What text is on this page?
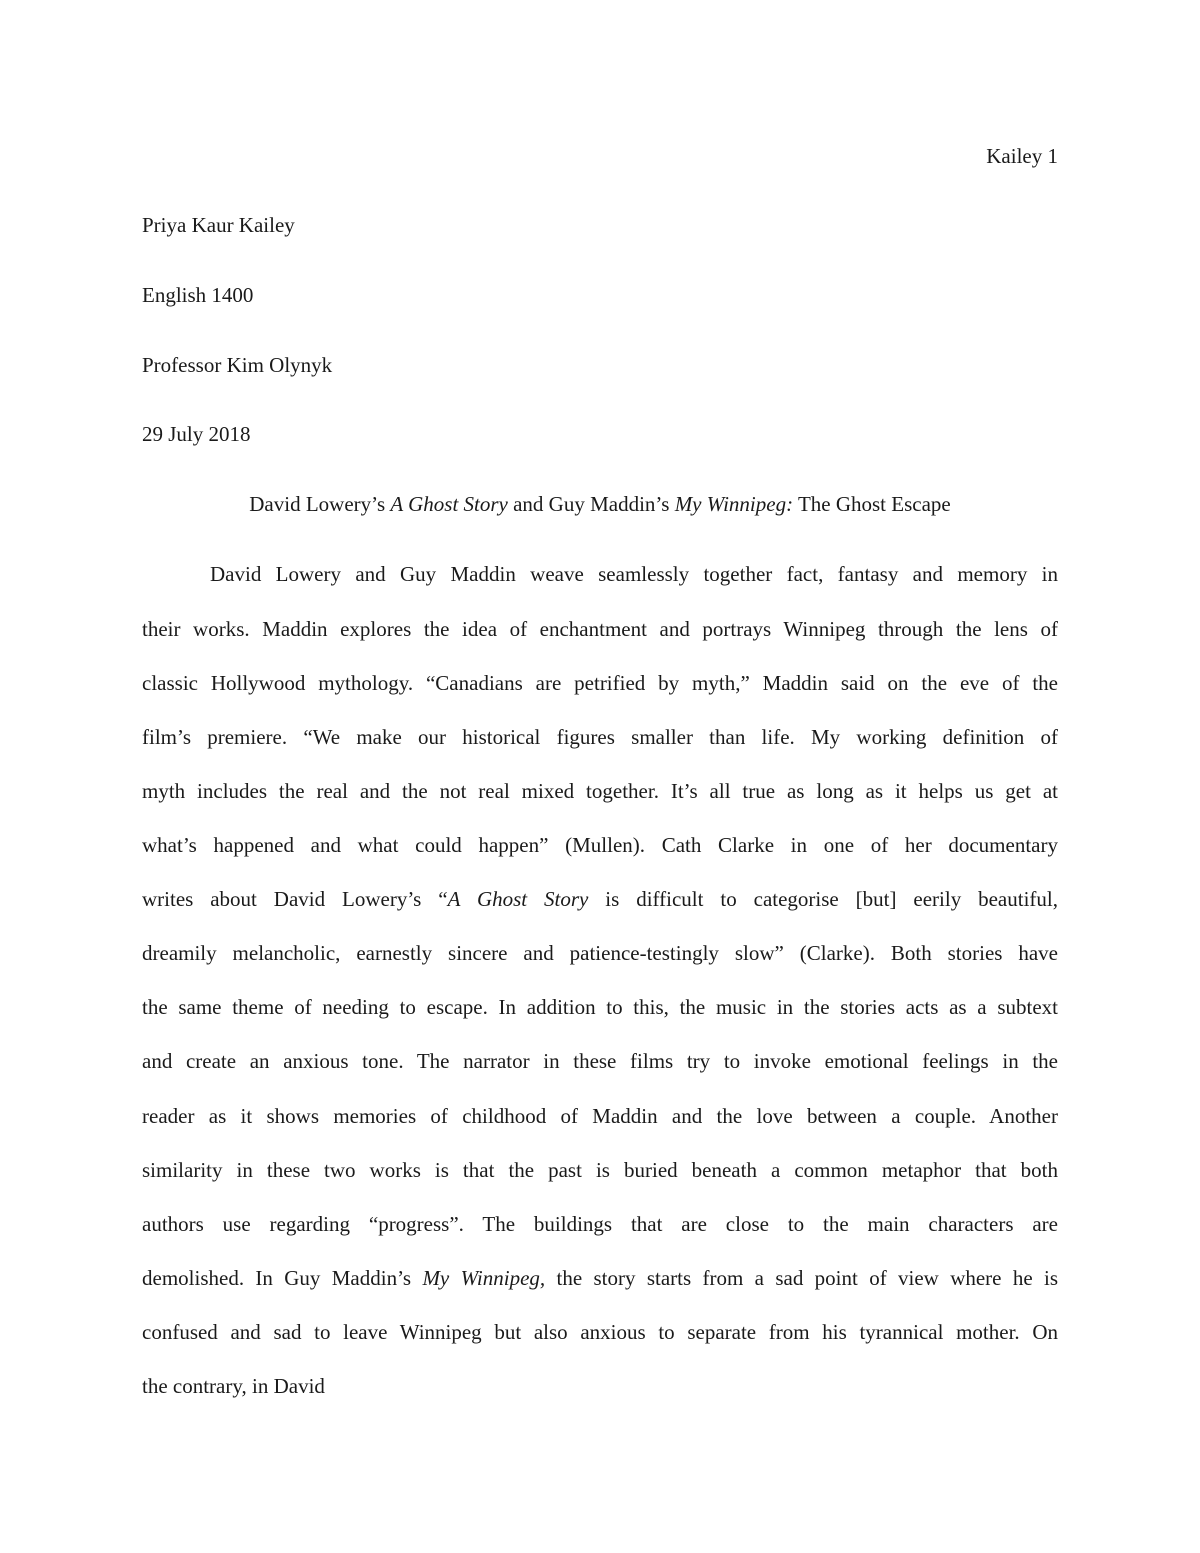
Kailey 1

Priya Kaur Kailey

English 1400

Professor Kim Olynyk

29 July 2018

David Lowery’s A Ghost Story and Guy Maddin’s My Winnipeg: The Ghost Escape

David Lowery and Guy Maddin weave seamlessly together fact, fantasy and memory in
their works. Maddin explores the idea of enchantment and portrays Winnipeg through the lens of
classic Hollywood mythology. “Canadians are petrified by myth,” Maddin said on the eve of the
film’s premiere. “We make our historical figures smaller than life. My working definition of
myth includes the real and the not real mixed together. It’s all true as long as it helps us get at
what’s happened and what could happen” (Mullen). Cath Clarke in one of her documentary
writes about David Lowery’s “A Ghost Story is difficult to categorise [but] eerily beautiful,
dreamily melancholic, earnestly sincere and patience-testingly slow” (Clarke). Both stories have
the same theme of needing to escape. In addition to this, the music in the stories acts as a subtext
and create an anxious tone. The narrator in these films try to invoke emotional feelings in the
reader as it shows memories of childhood of Maddin and the love between a couple. Another
similarity in these two works is that the past is buried beneath a common metaphor that both
authors use regarding “progress”. The buildings that are close to the main characters are
demolished. In Guy Maddin’s My Winnipeg, the story starts from a sad point of view where he is
confused and sad to leave Winnipeg but also anxious to separate from his tyrannical mother. On
the contrary, in David
